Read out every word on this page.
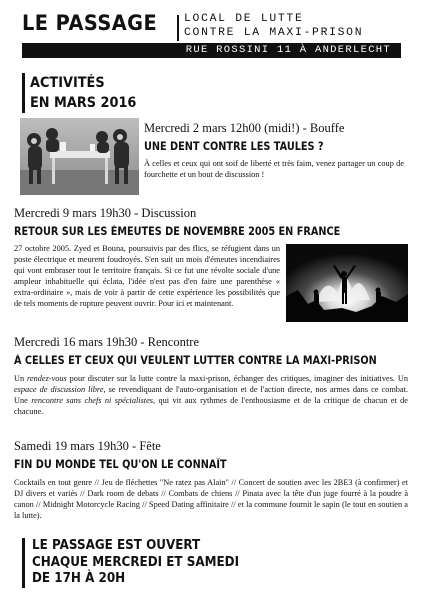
LE PASSAGE LOCAL DE LUTTE
CONTRE LA MAXI-PRISON
RUE ROSSINI 11 À ANDERLECHT
ACTIVITÉS
EN MARS 2016
Mercredi 2 mars 12h00 (midi!) - Bouffe
UNE DENT CONTRE LES TAULES ?

À celles et ceux qui ont soif de liberté et très faim, venez partager un coup de fourchette et un bout de discussion !

Mercredi 9 mars 19h30 - Discussion
RETOUR SUR LES ÉMEUTES DE NOVEMBRE 2005 EN FRANCE

27 octobre 2005. Zyed et Bouna, poursuivis par des flics, se réfugient dans un poste électrique et meurent foudroyés. S'en suit un mois d'émeutes incendiaires qui vont embraser tout le territoire français. Si ce fut une révolte sociale d'une ampleur inhabituelle qui éclata, l'idée n'est pas d'en faire une parenthèse « extra-ordinaire », mais de voir à partir de cette expérience les possibilités que de tels moments de rupture peuvent ouvrir. Pour ici et maintenant.

Mercredi 16 mars 19h30 - Rencontre
À CELLES ET CEUX QUI VEULENT LUTTER CONTRE LA MAXI-PRISON

Un rendez-vous pour discuter sur la lutte contre la maxi-prison, échanger des critiques, imaginer des initiatives. Un espace de discussion libre, se revendiquant de l'auto-organisation et de l'action directe, nos armes dans ce combat. Une rencontre sans chefs ni spécialistes, qui vit aux rythmes de l'enthousiasme et de la critique de chacun et de chacune.

Samedi 19 mars 19h30 - Fête
FIN DU MONDE TEL QU'ON LE CONNAÎT

Cocktails en tout genre // Jeu de fléchettes "Ne ratez pas Alain" // Concert de soutien avec les 2BE3 (à confirmer) et DJ divers et variés // Dark room de debats // Combats de chiens // Pinata avec la tête d'un juge fourré à la poudre à canon // Midnight Motorcycle Racing // Speed Dating affinitaire // et la commune fournit le sapin (le tout en soutien a la lutte).

LE PASSAGE EST OUVERT
CHAQUE MERCREDI ET SAMEDI
DE 17H À 20H
